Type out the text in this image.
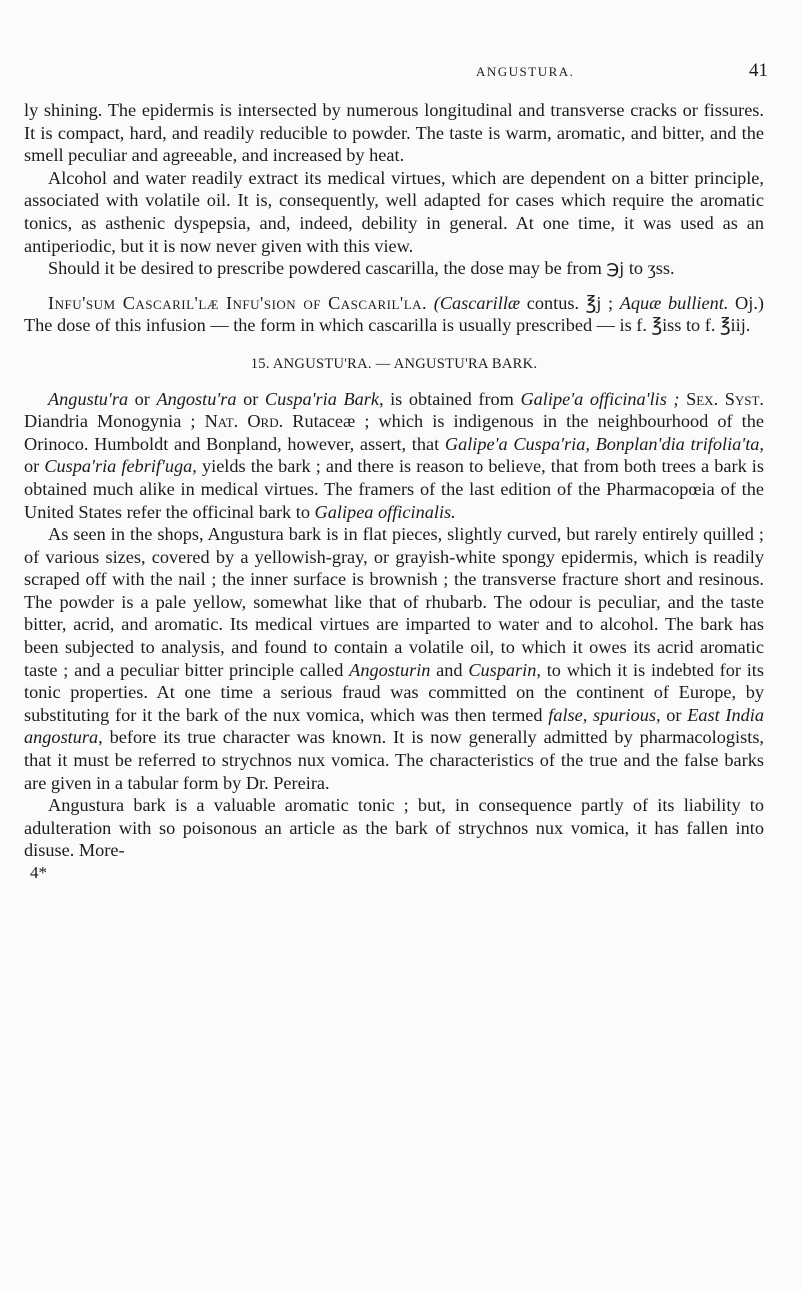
ANGUSTURA.	41

ly shining. The epidermis is intersected by numerous longitudinal and transverse cracks or fissures. It is compact, hard, and readily reducible to powder. The taste is warm, aromatic, and bitter, and the smell peculiar and agreeable, and increased by heat.

Alcohol and water readily extract its medical virtues, which are dependent on a bitter principle, associated with volatile oil. It is, consequently, well adapted for cases which require the aromatic tonics, as asthenic dyspepsia, and, indeed, debility in general. At one time, it was used as an antiperiodic, but it is now never given with this view.

Should it be desired to prescribe powdered cascarilla, the dose may be from ℈j to ʒss.

Infu'sum Cascaril'læ Infu'sion of Cascaril'la. (Cascarillæ contus. ℥j ; Aquæ bullient. Oj.) The dose of this infusion — the form in which cascarilla is usually prescribed — is f. ℥iss to f. ℥iij.

15. ANGUSTU'RA. — ANGUSTU'RA BARK.

Angustu'ra or Angostu'ra or Cuspa'ria Bark, is obtained from Galipe'a officina'lis ; Sex. Syst. Diandria Monogynia ; Nat. Ord. Rutaceæ ; which is indigenous in the neighbourhood of the Orinoco. Humboldt and Bonpland, however, assert, that Galipe'a Cuspa'ria, Bonplan'dia trifolia'ta, or Cuspa'ria febrif'uga, yields the bark ; and there is reason to believe, that from both trees a bark is obtained much alike in medical virtues. The framers of the last edition of the Pharmacopœia of the United States refer the officinal bark to Galipea officinalis.

As seen in the shops, Angustura bark is in flat pieces, slightly curved, but rarely entirely quilled ; of various sizes, covered by a yellowish-gray, or grayish-white spongy epidermis, which is readily scraped off with the nail ; the inner surface is brownish ; the transverse fracture short and resinous. The powder is a pale yellow, somewhat like that of rhubarb. The odour is peculiar, and the taste bitter, acrid, and aromatic. Its medical virtues are imparted to water and to alcohol. The bark has been subjected to analysis, and found to contain a volatile oil, to which it owes its acrid aromatic taste ; and a peculiar bitter principle called Angosturin and Cusparin, to which it is indebted for its tonic properties. At one time a serious fraud was committed on the continent of Europe, by substituting for it the bark of the nux vomica, which was then termed false, spurious, or East India angostura, before its true character was known. It is now generally admitted by pharmacologists, that it must be referred to strychnos nux vomica. The characteristics of the true and the false barks are given in a tabular form by Dr. Pereira.

Angustura bark is a valuable aromatic tonic ; but, in consequence partly of its liability to adulteration with so poisonous an article as the bark of strychnos nux vomica, it has fallen into disuse. More-

4*
